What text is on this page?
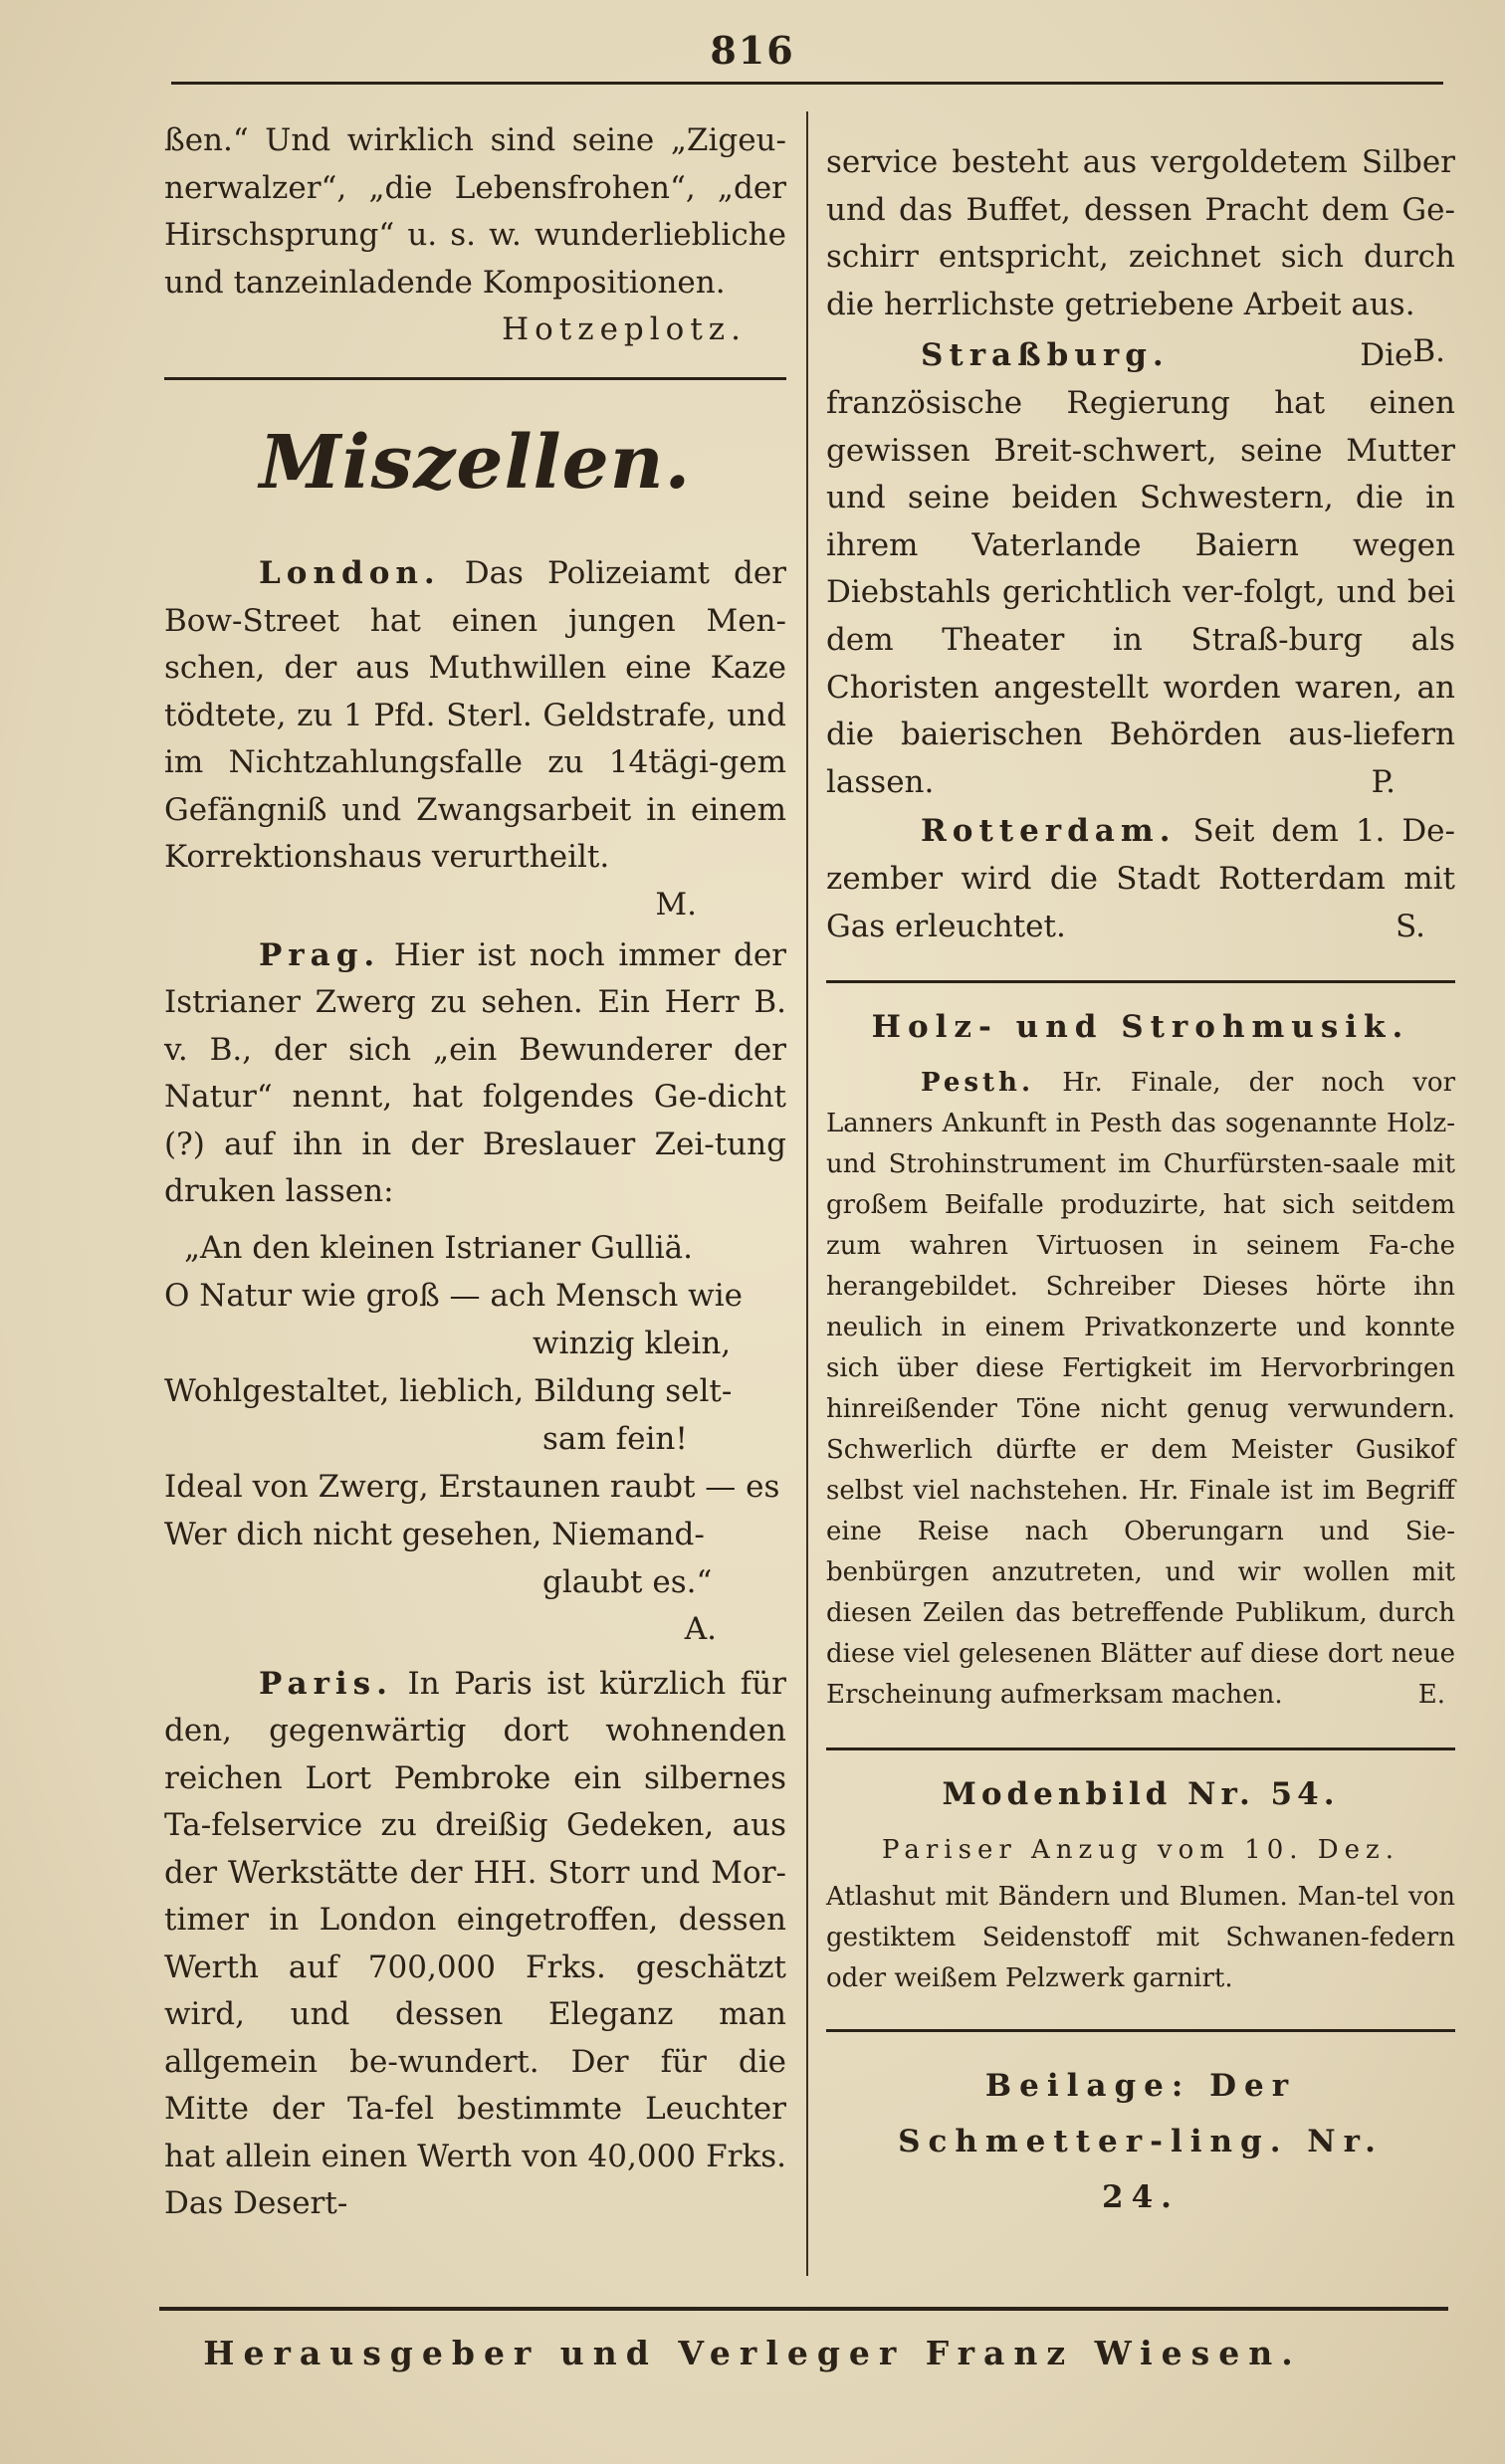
816

ßen.“ Und wirklich sind seine „Zigeu-nerwalzer“, „die Lebensfrohen“, „der Hirschsprung“ u. s. w. wunderliebliche und tanzeinladende Kompositionen.

Hotzeplotz.

Miszellen.

London. Das Polizeiamt der Bow-Street hat einen jungen Men-schen, der aus Muthwillen eine Kaze tödtete, zu 1 Pfd. Sterl. Geldstrafe, und im Nichtzahlungsfalle zu 14tägi-gem Gefängniß und Zwangsarbeit in einem Korrektionshaus verurtheilt.

M.

Prag. Hier ist noch immer der Istrianer Zwerg zu sehen. Ein Herr B. v. B., der sich „ein Bewunderer der Natur“ nennt, hat folgendes Ge-dicht (?) auf ihn in der Breslauer Zei-tung druken lassen:

„An den kleinen Istrianer Gulliä.

O Natur wie groß — ach Mensch wie

winzig klein,

Wohlgestaltet, lieblich, Bildung selt-

sam fein!

Ideal von Zwerg, Erstaunen raubt — es

Wer dich nicht gesehen, Niemand-

glaubt es.“

A.

Paris. In Paris ist kürzlich für den, gegenwärtig dort wohnenden reichen Lort Pembroke ein silbernes Ta-felservice zu dreißig Gedeken, aus der Werkstätte der HH. Storr und Mor-timer in London eingetroffen, dessen Werth auf 700,000 Frks. geschätzt wird, und dessen Eleganz man allgemein be-wundert. Der für die Mitte der Ta-fel bestimmte Leuchter hat allein einen Werth von 40,000 Frks. Das Desert-

service besteht aus vergoldetem Silber und das Buffet, dessen Pracht dem Ge-schirr entspricht, zeichnet sich durch die herrlichste getriebene Arbeit aus.
B.

Straßburg.	Die französische Regierung hat einen gewissen Breit-schwert, seine Mutter und seine beiden Schwestern, die in ihrem Vaterlande Baiern wegen Diebstahls gerichtlich ver-folgt, und bei dem Theater in Straß-burg als Choristen angestellt worden waren, an die baierischen Behörden aus-liefern lassen.	P.

Rotterdam. Seit dem 1. De-zember wird die Stadt Rotterdam mit Gas erleuchtet.	S.

Holz- und Strohmusik.

Pesth. Hr. Finale, der noch vor Lanners Ankunft in Pesth das sogenannte Holz- und Strohinstrument im Churfürsten-saale mit großem Beifalle produzirte, hat sich seitdem zum wahren Virtuosen in seinem Fa-che herangebildet. Schreiber Dieses hörte ihn neulich in einem Privatkonzerte und konnte sich über diese Fertigkeit im Hervorbringen hinreißender Töne nicht genug verwundern. Schwerlich dürfte er dem Meister Gusikof selbst viel nachstehen. Hr. Finale ist im Begriff eine Reise nach Oberungarn und Sie-benbürgen anzutreten, und wir wollen mit diesen Zeilen das betreffende Publikum, durch diese viel gelesenen Blätter auf diese dort neue Erscheinung aufmerksam machen.	E.

Modenbild Nr. 54.

Pariser Anzug vom 10. Dez.

Atlashut mit Bändern und Blumen. Man-tel von gestiktem Seidenstoff mit Schwanen-federn oder weißem Pelzwerk garnirt.

Beilage: Der Schmetter-ling. Nr. 24.

Herausgeber und Verleger Franz Wiesen.
